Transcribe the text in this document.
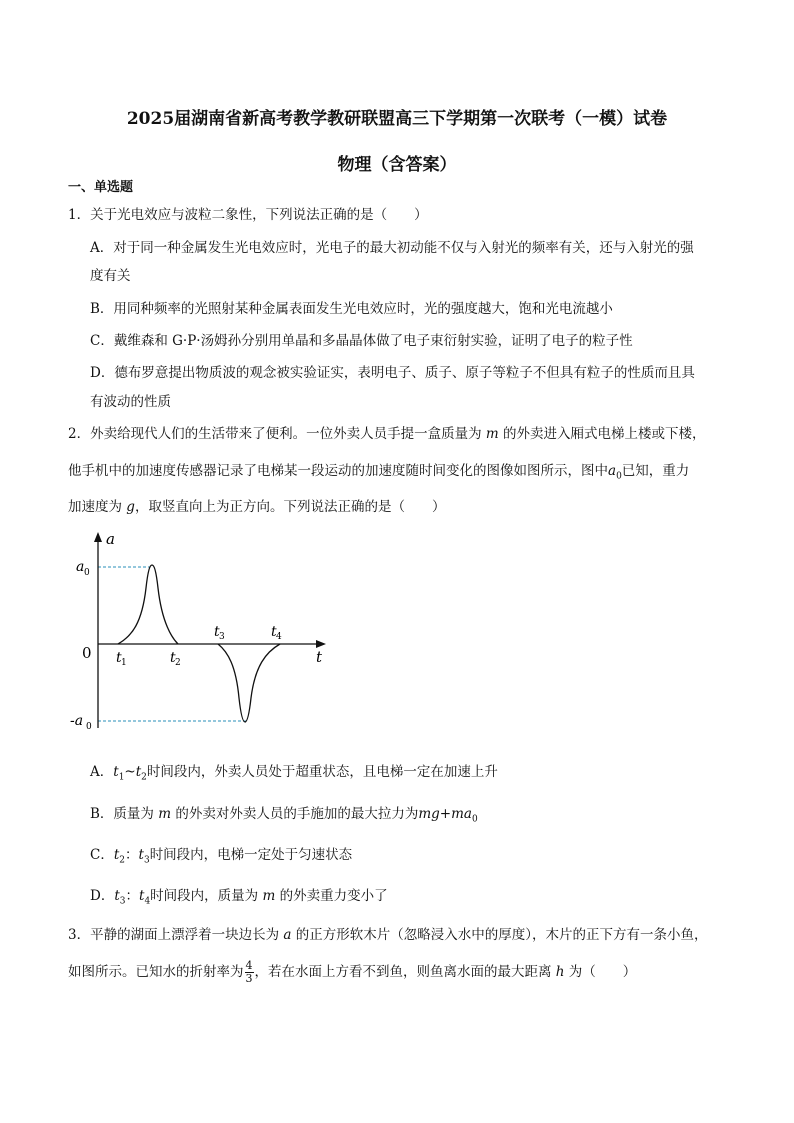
2025届湖南省新高考教学教研联盟高三下学期第一次联考（一模）试卷
物理（含答案）
一、单选题
1．关于光电效应与波粒二象性，下列说法正确的是（　　）
A．对于同一种金属发生光电效应时，光电子的最大初动能不仅与入射光的频率有关，还与入射光的强
度有关
B．用同种频率的光照射某种金属表面发生光电效应时，光的强度越大，饱和光电流越小
C．戴维森和 G·P·汤姆孙分别用单晶和多晶晶体做了电子束衍射实验，证明了电子的粒子性
D．德布罗意提出物质波的观念被实验证实，表明电子、质子、原子等粒子不但具有粒子的性质而且具
有波动的性质
2．外卖给现代人们的生活带来了便利。一位外卖人员手提一盒质量为 m 的外卖进入厢式电梯上楼或下楼，
他手机中的加速度传感器记录了电梯某一段运动的加速度随时间变化的图像如图所示，图中$a_0$已知，重力
加速度为 g，取竖直向上为正方向。下列说法正确的是（　　）
a
t
0
a 0
-a 0
t 1	t 2
t 3	t 4
A．$t_1\sim t_2$时间段内，外卖人员处于超重状态，且电梯一定在加速上升
B．质量为 m 的外卖对外卖人员的手施加的最大拉力为$mg+ma_0$
C．$t_2$：$t_3$时间段内，电梯一定处于匀速状态
D．$t_3$：$t_4$时间段内，质量为 m 的外卖重力变小了
3．平静的湖面上漂浮着一块边长为 a 的正方形软木片（忽略浸入水中的厚度），木片的正下方有一条小鱼，
如图所示。已知水的折射率为 $\frac{4}{3}$ ，若在水面上方看不到鱼，则鱼离水面的最大距离 h 为（　　）
